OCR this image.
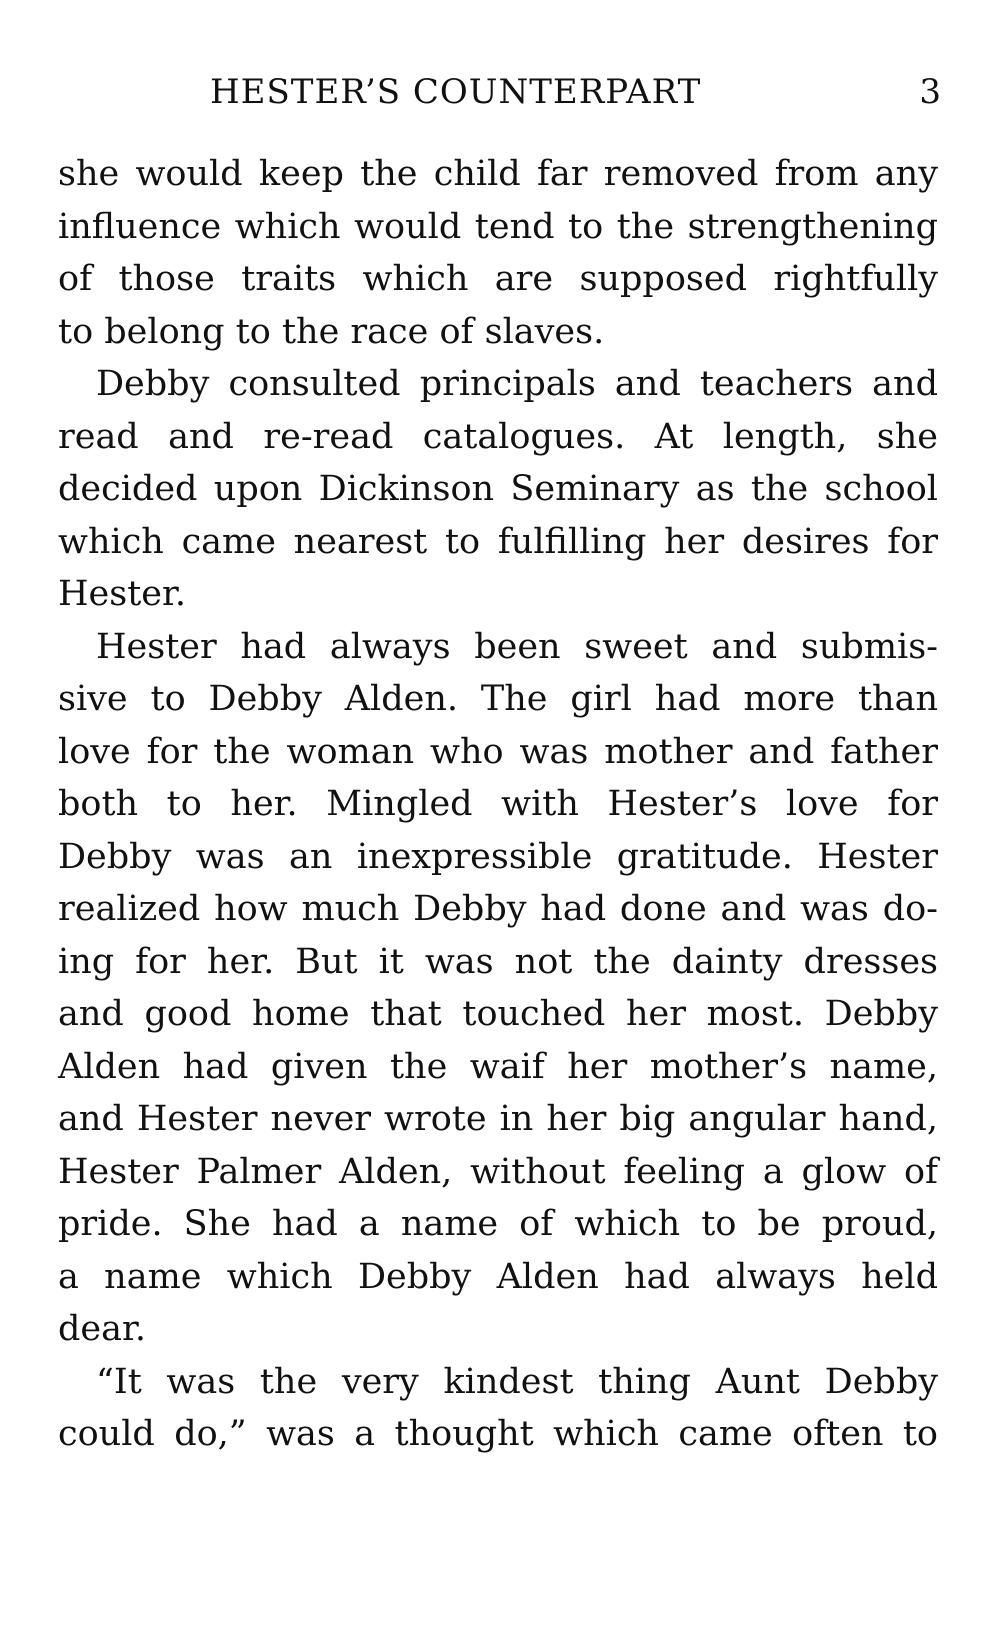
HESTER’S COUNTERPART	3
she would keep the child far removed from any
influence which would tend to the strengthening
of those traits which are supposed rightfully
to belong to the race of slaves.
Debby consulted principals and teachers and
read and re-read catalogues. At length, she
decided upon Dickinson Seminary as the school
which came nearest to fulfilling her desires for
Hester.
Hester had always been sweet and submis-
sive to Debby Alden. The girl had more than
love for the woman who was mother and father
both to her. Mingled with Hester’s love for
Debby was an inexpressible gratitude. Hester
realized how much Debby had done and was do-
ing for her. But it was not the dainty dresses
and good home that touched her most. Debby
Alden had given the waif her mother’s name,
and Hester never wrote in her big angular hand,
Hester Palmer Alden, without feeling a glow of
pride. She had a name of which to be proud,
a name which Debby Alden had always held
dear.
“It was the very kindest thing Aunt Debby
could do,” was a thought which came often to
